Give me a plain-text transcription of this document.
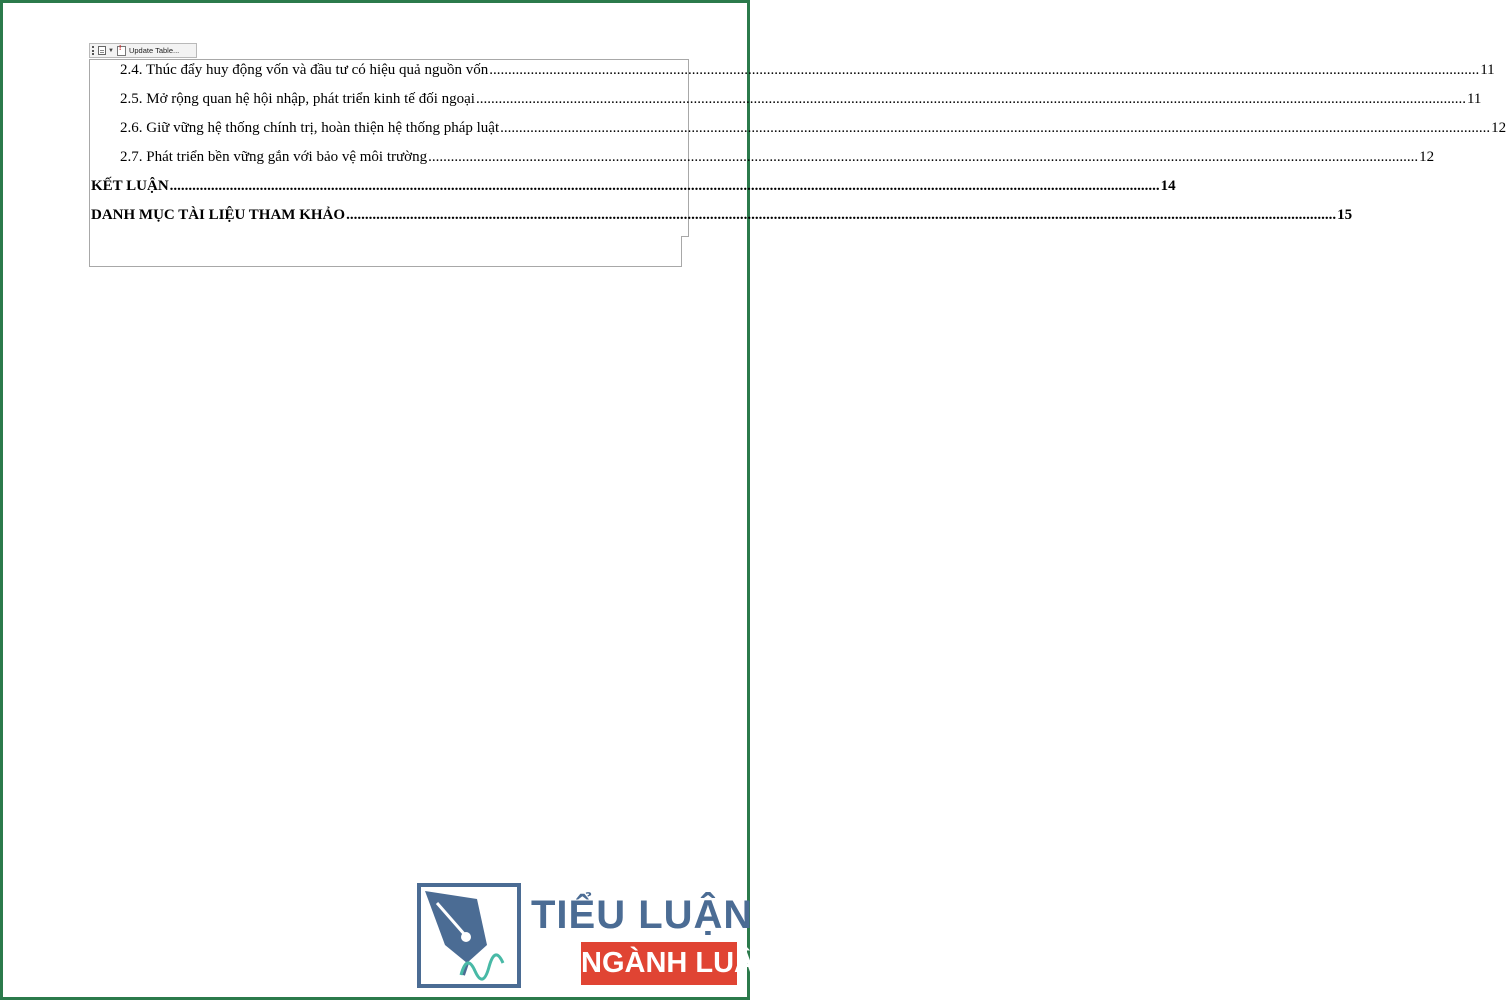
▼ ! Update Table...
2.4. Thúc đẩy huy động vốn và đầu tư có hiệu quả nguồn vốn .....	11
2.5. Mở rộng quan hệ hội nhập, phát triển kinh tế đối ngoại .....	11
2.6. Giữ vững hệ thống chính trị, hoàn thiện hệ thống pháp luật .....	12
2.7. Phát triển bền vững gắn với bảo vệ môi trường .....	12
KẾT LUẬN .....	14
DANH MỤC TÀI LIỆU THAM KHẢO .....	15
TIỂU LUẬN
NGÀNH LUẬT
